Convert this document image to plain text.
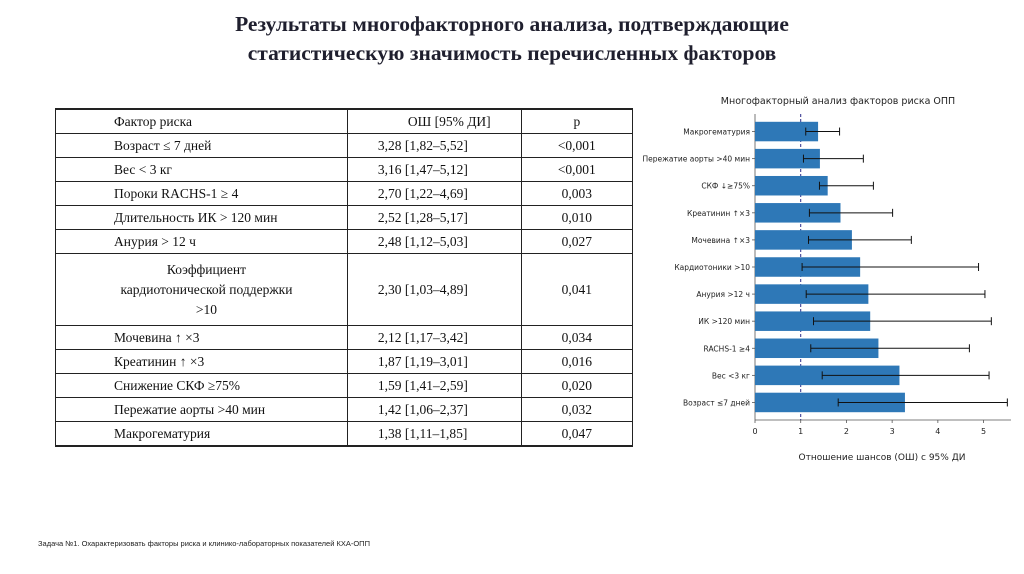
Результаты многофакторного анализа, подтверждающие
статистическую значимость перечисленных факторов
Фактор риска	ОШ [95% ДИ]	р
Возраст ≤ 7 дней	3,28 [1,82–5,52]	<0,001
Вес < 3 кг	3,16 [1,47–5,12]	<0,001
Пороки RACHS-1 ≥ 4	2,70 [1,22–4,69]	0,003
Длительность ИК > 120 мин	2,52 [1,28–5,17]	0,010
Анурия > 12 ч	2,48 [1,12–5,03]	0,027

Коэффициент
кардиотонической поддержки
>10	2,30 [1,03–4,89]	0,041
Мочевина ↑ ×3	2,12 [1,17–3,42]	0,034
Креатинин ↑ ×3	1,87 [1,19–3,01]	0,016
Снижение СКФ ≥75%	1,59 [1,41–2,59]	0,020
Пережатие аорты >40 мин	1,42 [1,06–2,37]	0,032
Макрогематурия	1,38 [1,11–1,85]	0,047
Многофакторный анализ факторов риска ОПП
Макрогематурия
Пережатие аорты >40 мин
СКФ ↓≥75%
Креатинин ↑×3
Мочевина ↑×3
Кардиотоники >10
Анурия >12 ч
ИК >120 мин
RACHS-1 ≥4
Вес <3 кг
Возраст ≤7 дней
0	1	2	3	4	5
Отношение шансов (ОШ) с 95% ДИ
Задача №1. Охарактеризовать факторы риска и клинико-лабораторных показателей КХА-ОПП
